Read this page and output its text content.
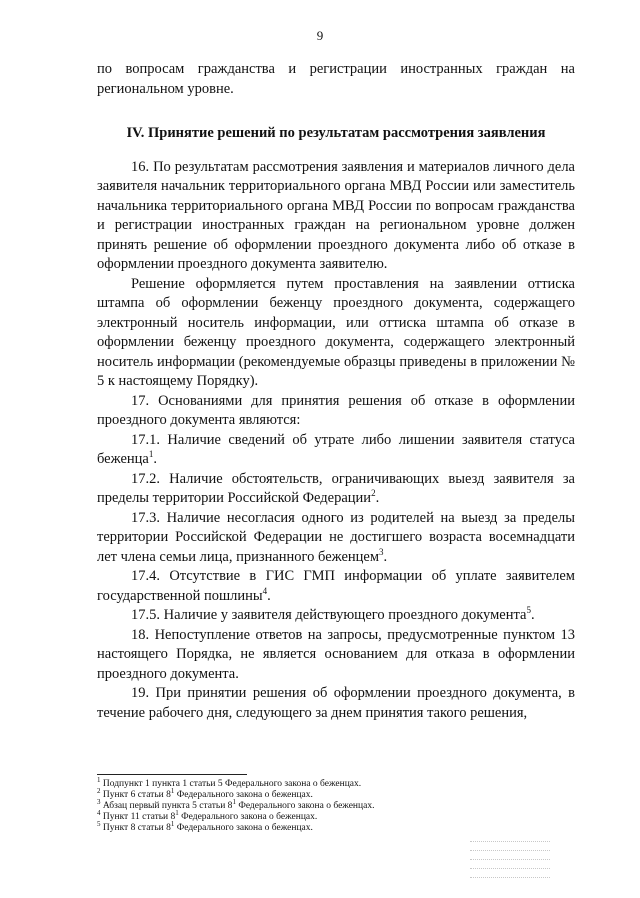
9

по вопросам гражданства и регистрации иностранных граждан на региональном уровне.

IV. Принятие решений по результатам рассмотрения заявления

16. По результатам рассмотрения заявления и материалов личного дела заявителя начальник территориального органа МВД России или заместитель начальника территориального органа МВД России по вопросам гражданства и регистрации иностранных граждан на региональном уровне должен принять решение об оформлении проездного документа либо об отказе в оформлении проездного документа заявителю.

Решение оформляется путем проставления на заявлении оттиска штампа об оформлении беженцу проездного документа, содержащего электронный носитель информации, или оттиска штампа об отказе в оформлении беженцу проездного документа, содержащего электронный носитель информации (рекомендуемые образцы приведены в приложении № 5 к настоящему Порядку).

17. Основаниями для принятия решения об отказе в оформлении проездного документа являются:

17.1. Наличие сведений об утрате либо лишении заявителя статуса беженца$^1$.

17.2. Наличие обстоятельств, ограничивающих выезд заявителя за пределы территории Российской Федерации$^2$.

17.3. Наличие несогласия одного из родителей на выезд за пределы территории Российской Федерации не достигшего возраста восемнадцати лет члена семьи лица, признанного беженцем$^3$.

17.4. Отсутствие в ГИС ГМП информации об уплате заявителем государственной пошлины$^4$.

17.5. Наличие у заявителя действующего проездного документа$^5$.

18. Непоступление ответов на запросы, предусмотренные пунктом 13 настоящего Порядка, не является основанием для отказа в оформлении проездного документа.

19. При принятии решения об оформлении проездного документа, в течение рабочего дня, следующего за днем принятия такого решения,

$^1$ Подпункт 1 пункта 1 статьи 5 Федерального закона о беженцах.

$^2$ Пункт 6 статьи $8^1$ Федерального закона о беженцах.

$^3$ Абзац первый пункта 5 статьи $8^1$ Федерального закона о беженцах.

$^4$ Пункт 11 статьи $8^1$ Федерального закона о беженцах.

$^5$ Пункт 8 статьи $8^1$ Федерального закона о беженцах.
